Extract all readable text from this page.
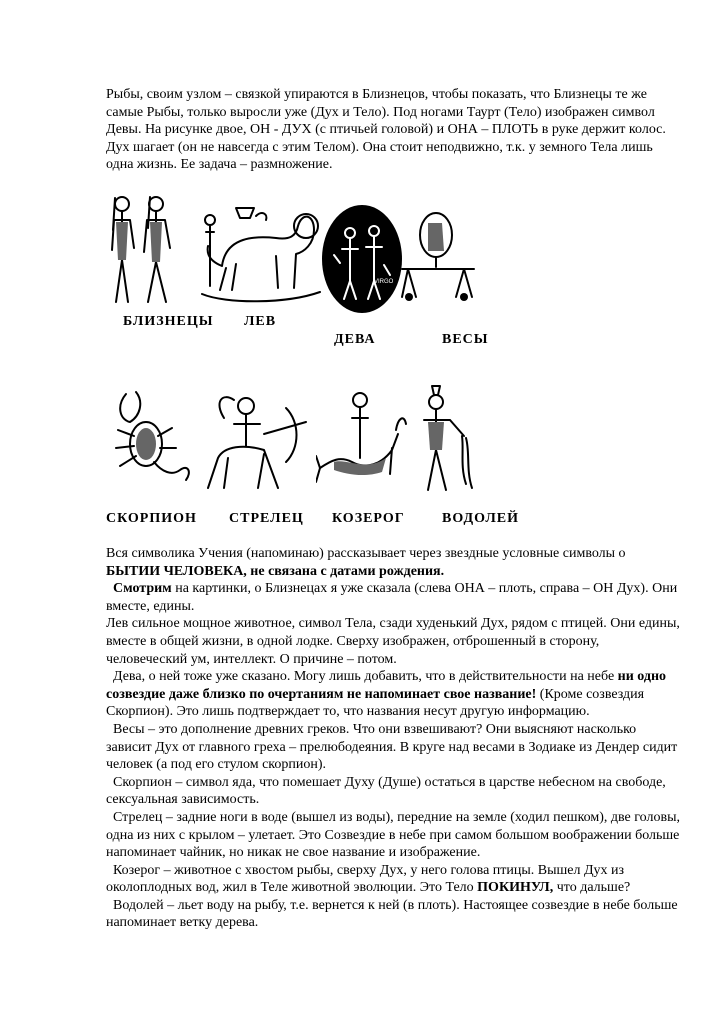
Рыбы, своим узлом – связкой упираются в Близнецов, чтобы показать, что Близнецы те же самые Рыбы, только выросли уже (Дух и Тело). Под ногами Таурт (Тело) изображен символ Девы. На рисунке двое, ОН - ДУХ (с птичьей головой) и ОНА – ПЛОТЬ в руке держит колос. Дух шагает (он не навсегда с этим Телом). Она стоит неподвижно, т.к. у земного Тела лишь одна жизнь. Ее задача – размножение.

VIRGO
БЛИЗНЕЦЫ ЛЕВ
ДЕВА	ВЕСЫ
СКОРПИОН СТРЕЛЕЦ КОЗЕРОГ	ВОДОЛЕЙ
Вся символика Учения (напоминаю) рассказывает через звездные условные символы о БЫТИИ ЧЕЛОВЕКА, не связана с датами рождения.
Смотрим на картинки, о Близнецах я уже сказала (слева ОНА – плоть, справа – ОН Дух). Они вместе, едины.
Лев сильное мощное животное, символ Тела, сзади худенький Дух, рядом с птицей. Они едины, вместе в общей жизни, в одной лодке. Сверху изображен, отброшенный в сторону, человеческий ум, интеллект. О причине – потом.
Дева, о ней тоже уже сказано. Могу лишь добавить, что в действительности на небе ни одно созвездие даже близко по очертаниям не напоминает свое название! (Кроме созвездия Скорпион). Это лишь подтверждает то, что названия несут другую информацию.
Весы – это дополнение древних греков. Что они взвешивают? Они выясняют насколько зависит Дух от главного греха – прелюбодеяния. В круге над весами в Зодиаке из Дендер сидит человек (а под его стулом скорпион).
Скорпион – символ яда, что помешает Духу (Душе) остаться в царстве небесном на свободе, сексуальная зависимость.
Стрелец – задние ноги в воде (вышел из воды), передние на земле (ходил пешком), две головы, одна из них с крылом – улетает. Это Созвездие в небе при самом большом воображении больше напоминает чайник, но никак не свое название и изображение.
Козерог – животное с хвостом рыбы, сверху Дух, у него голова птицы. Вышел Дух из околоплодных вод, жил в Теле животной эволюции. Это Тело ПОКИНУЛ, что дальше?
Водолей – льет воду на рыбу, т.е. вернется к ней (в плоть). Настоящее созвездие в небе больше напоминает ветку дерева.
